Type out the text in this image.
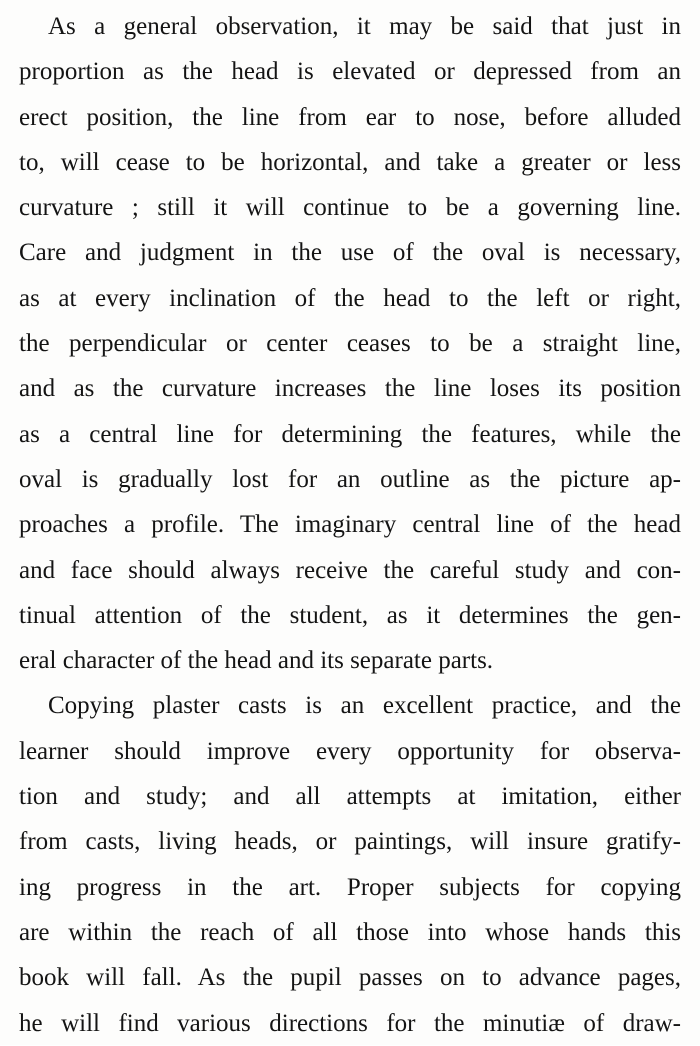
As a general observation, it may be said that just in
proportion as the head is elevated or depressed from an
erect position, the line from ear to nose, before alluded
to, will cease to be horizontal, and take a greater or less
curvature ; still it will continue to be a governing line.
Care and judgment in the use of the oval is necessary,
as at every inclination of the head to the left or right,
the perpendicular or center ceases to be a straight line,
and as the curvature increases the line loses its position
as a central line for determining the features, while the
oval is gradually lost for an outline as the picture ap-
proaches a profile. The imaginary central line of the head
and face should always receive the careful study and con-
tinual attention of the student, as it determines the gen-
eral character of the head and its separate parts.
Copying plaster casts is an excellent practice, and the
learner should improve every opportunity for observa-
tion and study; and all attempts at imitation, either
from casts, living heads, or paintings, will insure gratify-
ing progress in the art. Proper subjects for copying
are within the reach of all those into whose hands this
book will fall. As the pupil passes on to advance pages,
he will find various directions for the minutiæ of draw-
